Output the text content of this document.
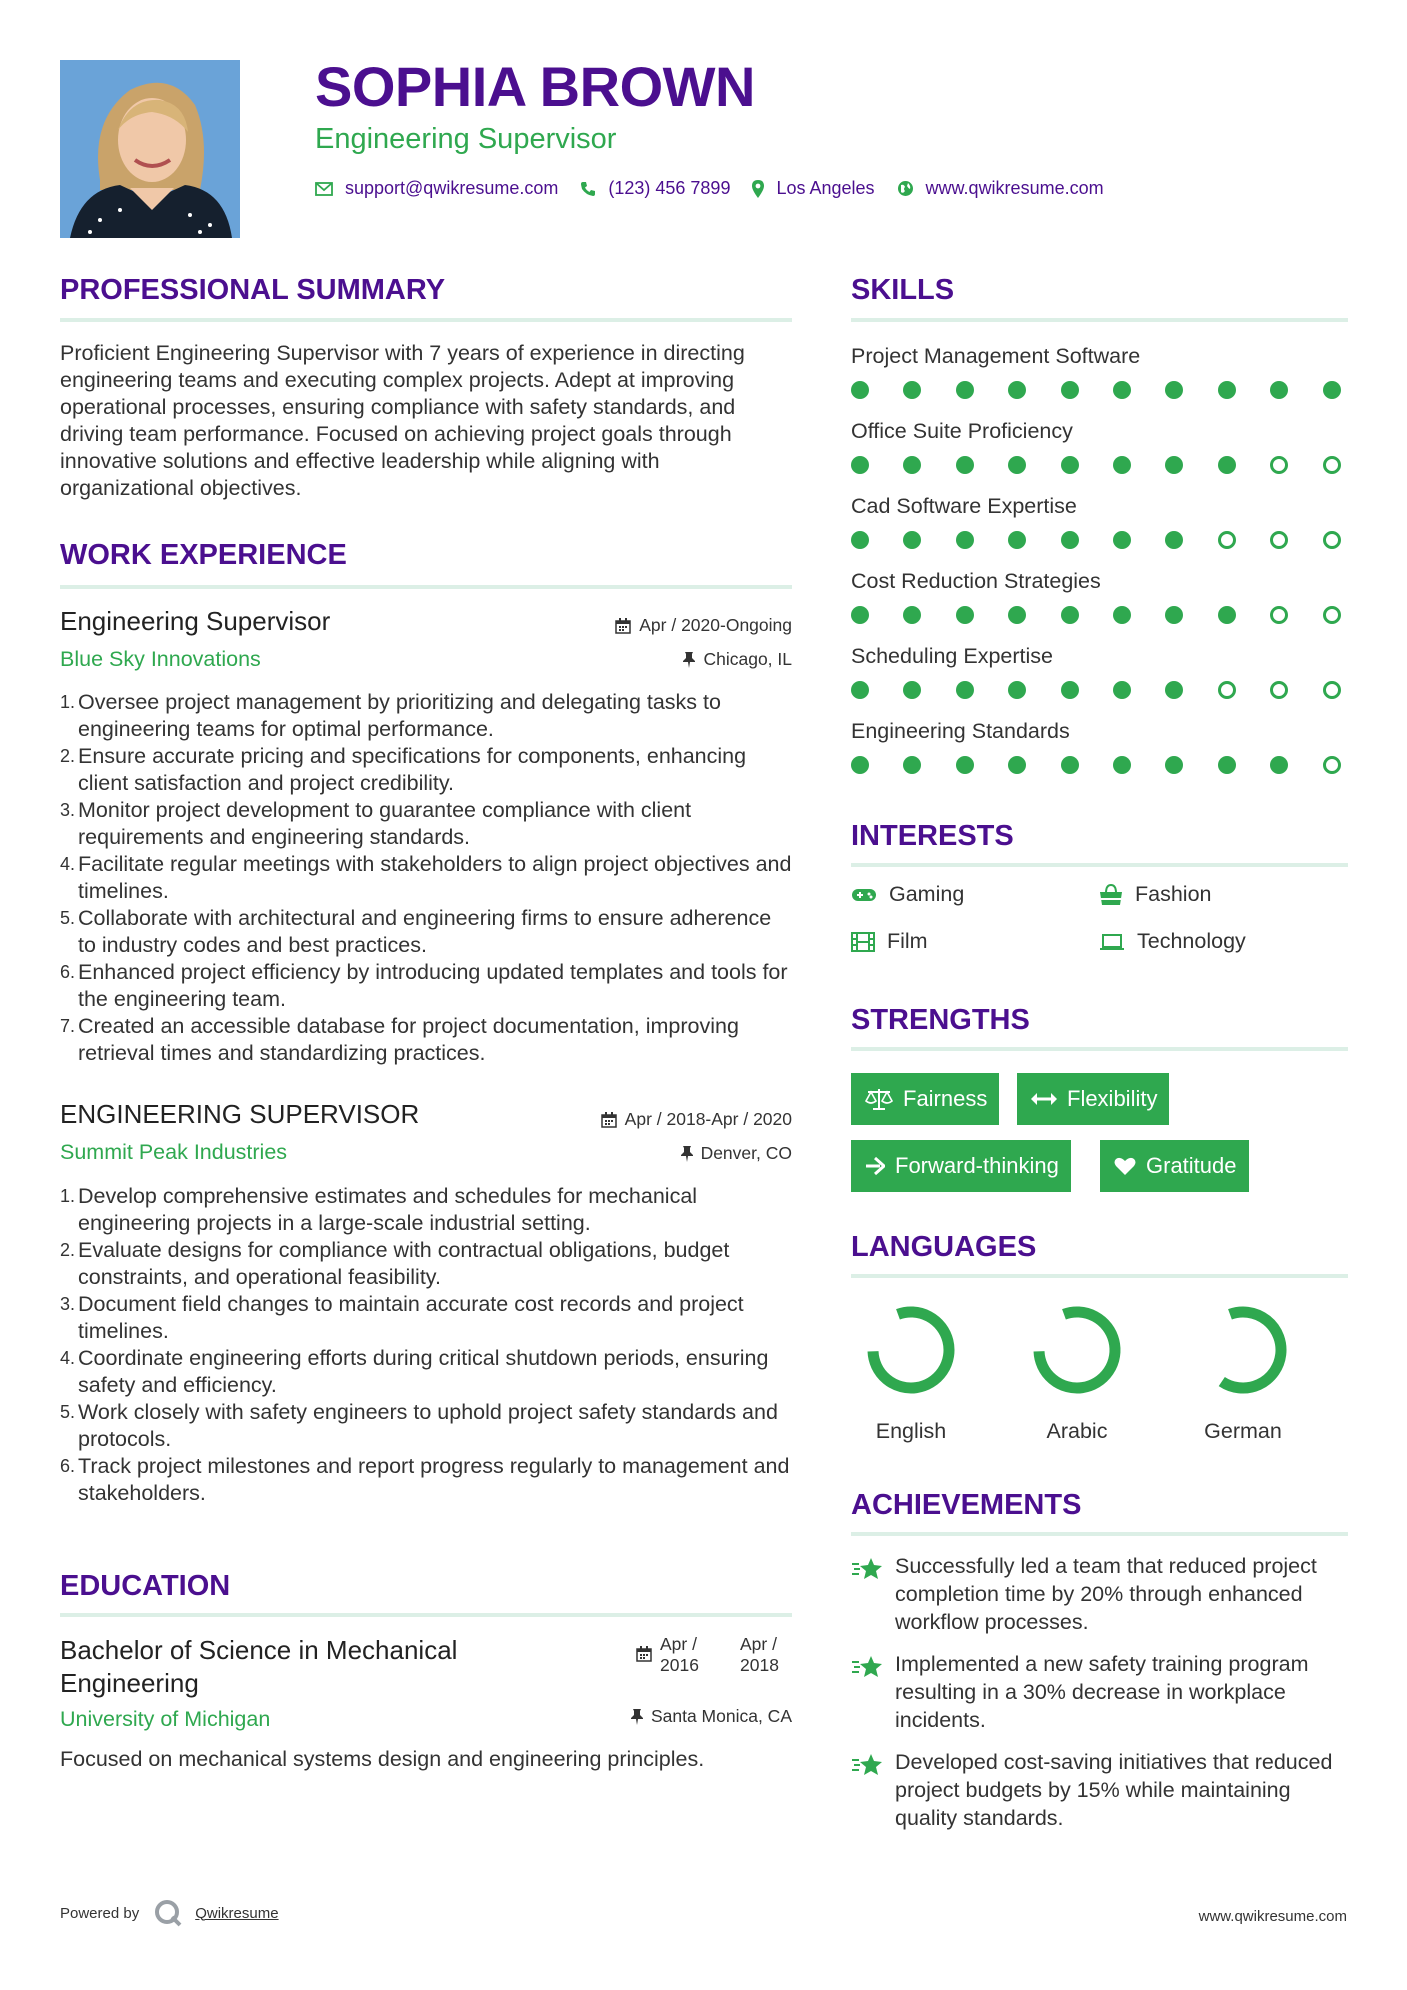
SOPHIA BROWN
Engineering Supervisor
support@qwikresume.com	(123) 456 7899	Los Angeles	www.qwikresume.com
PROFESSIONAL SUMMARY
Proficient Engineering Supervisor with 7 years of experience in directing engineering teams and executing complex projects. Adept at improving operational processes, ensuring compliance with safety standards, and driving team performance. Focused on achieving project goals through innovative solutions and effective leadership while aligning with organizational objectives.
WORK EXPERIENCE
Engineering Supervisor
Blue Sky Innovations
Apr / 2020-Ongoing
Chicago, IL
1. Oversee project management by prioritizing and delegating tasks to engineering teams for optimal performance.
2. Ensure accurate pricing and specifications for components, enhancing client satisfaction and project credibility.
3. Monitor project development to guarantee compliance with client requirements and engineering standards.
4. Facilitate regular meetings with stakeholders to align project objectives and timelines.
5. Collaborate with architectural and engineering firms to ensure adherence to industry codes and best practices.
6. Enhanced project efficiency by introducing updated templates and tools for the engineering team.
7. Created an accessible database for project documentation, improving retrieval times and standardizing practices.
ENGINEERING SUPERVISOR
Summit Peak Industries
Apr / 2018-Apr / 2020
Denver, CO
1. Develop comprehensive estimates and schedules for mechanical engineering projects in a large-scale industrial setting.
2. Evaluate designs for compliance with contractual obligations, budget constraints, and operational feasibility.
3. Document field changes to maintain accurate cost records and project timelines.
4. Coordinate engineering efforts during critical shutdown periods, ensuring safety and efficiency.
5. Work closely with safety engineers to uphold project safety standards and protocols.
6. Track project milestones and report progress regularly to management and stakeholders.
EDUCATION
Bachelor of Science in Mechanical Engineering
University of Michigan
Apr / 2016
Apr / 2018
Santa Monica, CA
Focused on mechanical systems design and engineering principles.
SKILLS
Project Management Software
Office Suite Proficiency
Cad Software Expertise
Cost Reduction Strategies
Scheduling Expertise
Engineering Standards
INTERESTS
Gaming	Fashion
Film	Technology
STRENGTHS
Fairness	Flexibility
Forward-thinking	Gratitude
LANGUAGES
English	Arabic	German
ACHIEVEMENTS
Successfully led a team that reduced project completion time by 20% through enhanced workflow processes.
Implemented a new safety training program resulting in a 30% decrease in workplace incidents.
Developed cost-saving initiatives that reduced project budgets by 15% while maintaining quality standards.
Powered by	Qwikresume	www.qwikresume.com
